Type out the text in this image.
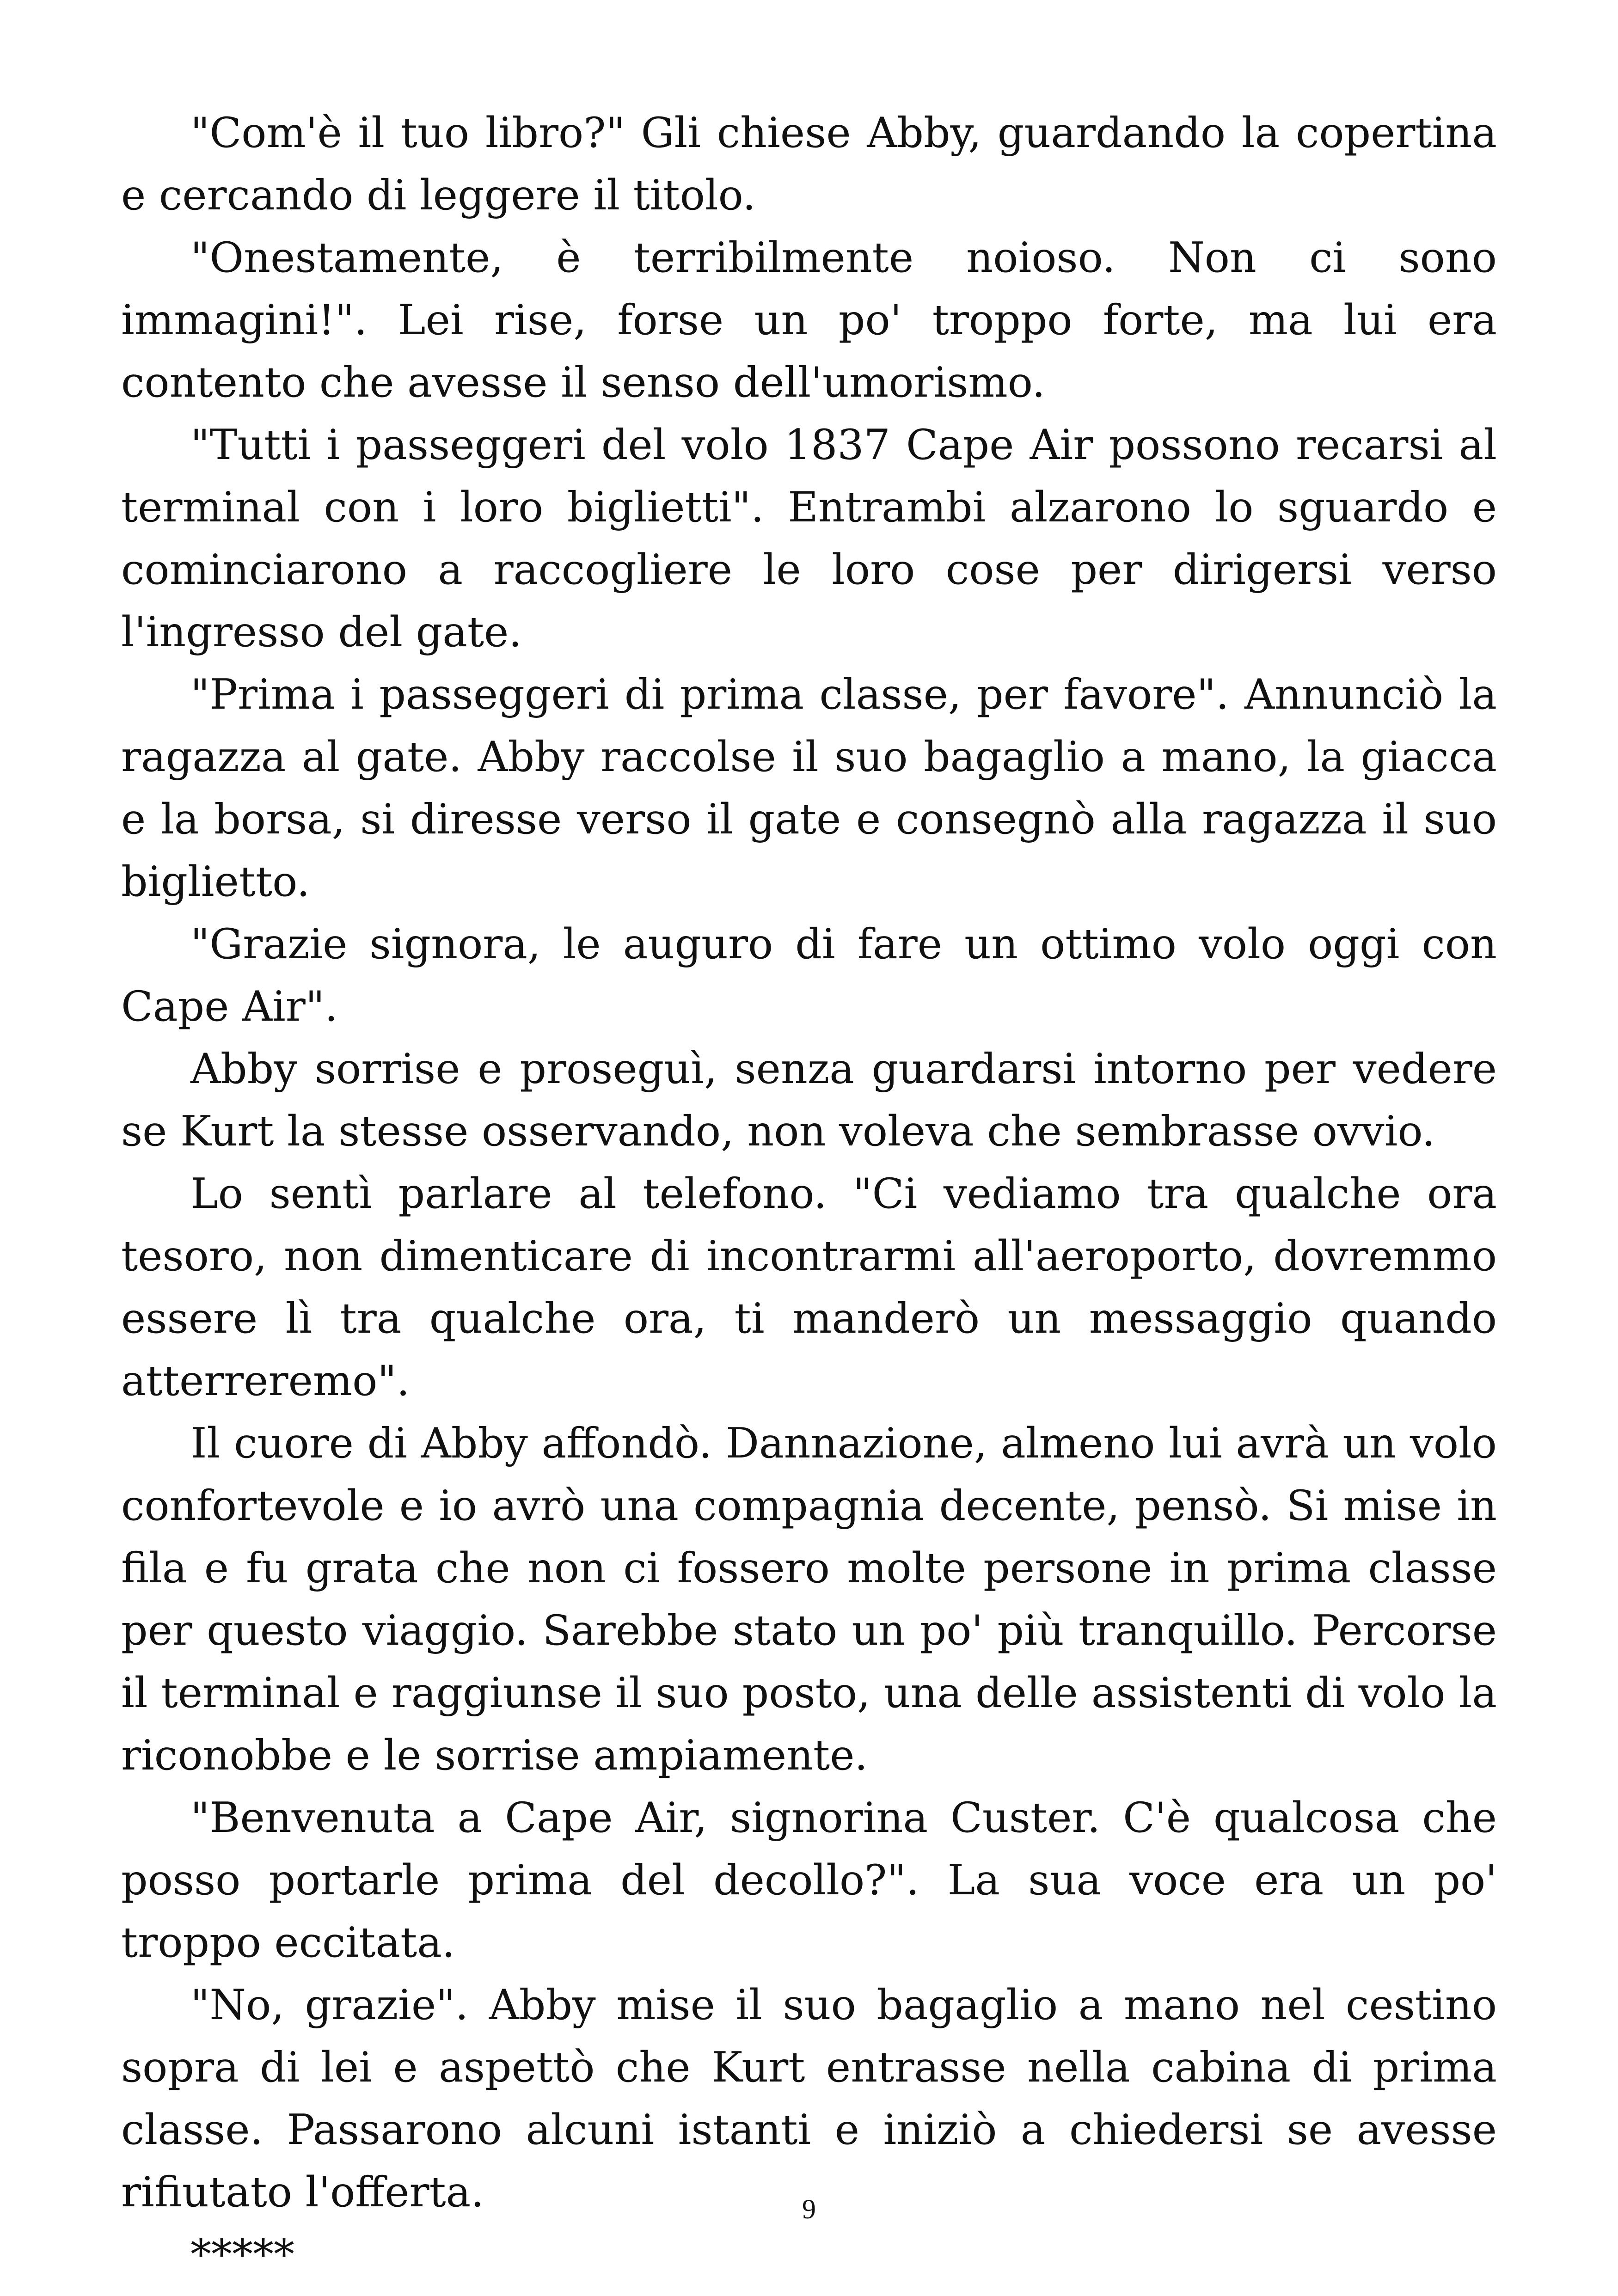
"Com'è il tuo libro?" Gli chiese Abby, guardando la copertina e cercando di leggere il titolo.

"Onestamente, è terribilmente noioso. Non ci sono immagini!". Lei rise, forse un po' troppo forte, ma lui era contento che avesse il senso dell'umorismo.

"Tutti i passeggeri del volo 1837 Cape Air possono recarsi al terminal con i loro biglietti". Entrambi alzarono lo sguardo e cominciarono a raccogliere le loro cose per dirigersi verso l'ingresso del gate.

"Prima i passeggeri di prima classe, per favore". Annunciò la ragazza al gate. Abby raccolse il suo bagaglio a mano, la giacca e la borsa, si diresse verso il gate e consegnò alla ragazza il suo biglietto.

"Grazie signora, le auguro di fare un ottimo volo oggi con Cape Air".

Abby sorrise e proseguì, senza guardarsi intorno per vedere se Kurt la stesse osservando, non voleva che sembrasse ovvio.

Lo sentì parlare al telefono. "Ci vediamo tra qualche ora tesoro, non dimenticare di incontrarmi all'aeroporto, dovremmo essere lì tra qualche ora, ti manderò un messaggio quando atterreremo".

Il cuore di Abby affondò. Dannazione, almeno lui avrà un volo confortevole e io avrò una compagnia decente, pensò. Si mise in fila e fu grata che non ci fossero molte persone in prima classe per questo viaggio. Sarebbe stato un po' più tranquillo. Percorse il terminal e raggiunse il suo posto, una delle assistenti di volo la riconobbe e le sorrise ampiamente.

"Benvenuta a Cape Air, signorina Custer. C'è qualcosa che posso portarle prima del decollo?". La sua voce era un po' troppo eccitata.

"No, grazie". Abby mise il suo bagaglio a mano nel cestino sopra di lei e aspettò che Kurt entrasse nella cabina di prima classe. Passarono alcuni istanti e iniziò a chiedersi se avesse rifiutato l'offerta.

*****

9
